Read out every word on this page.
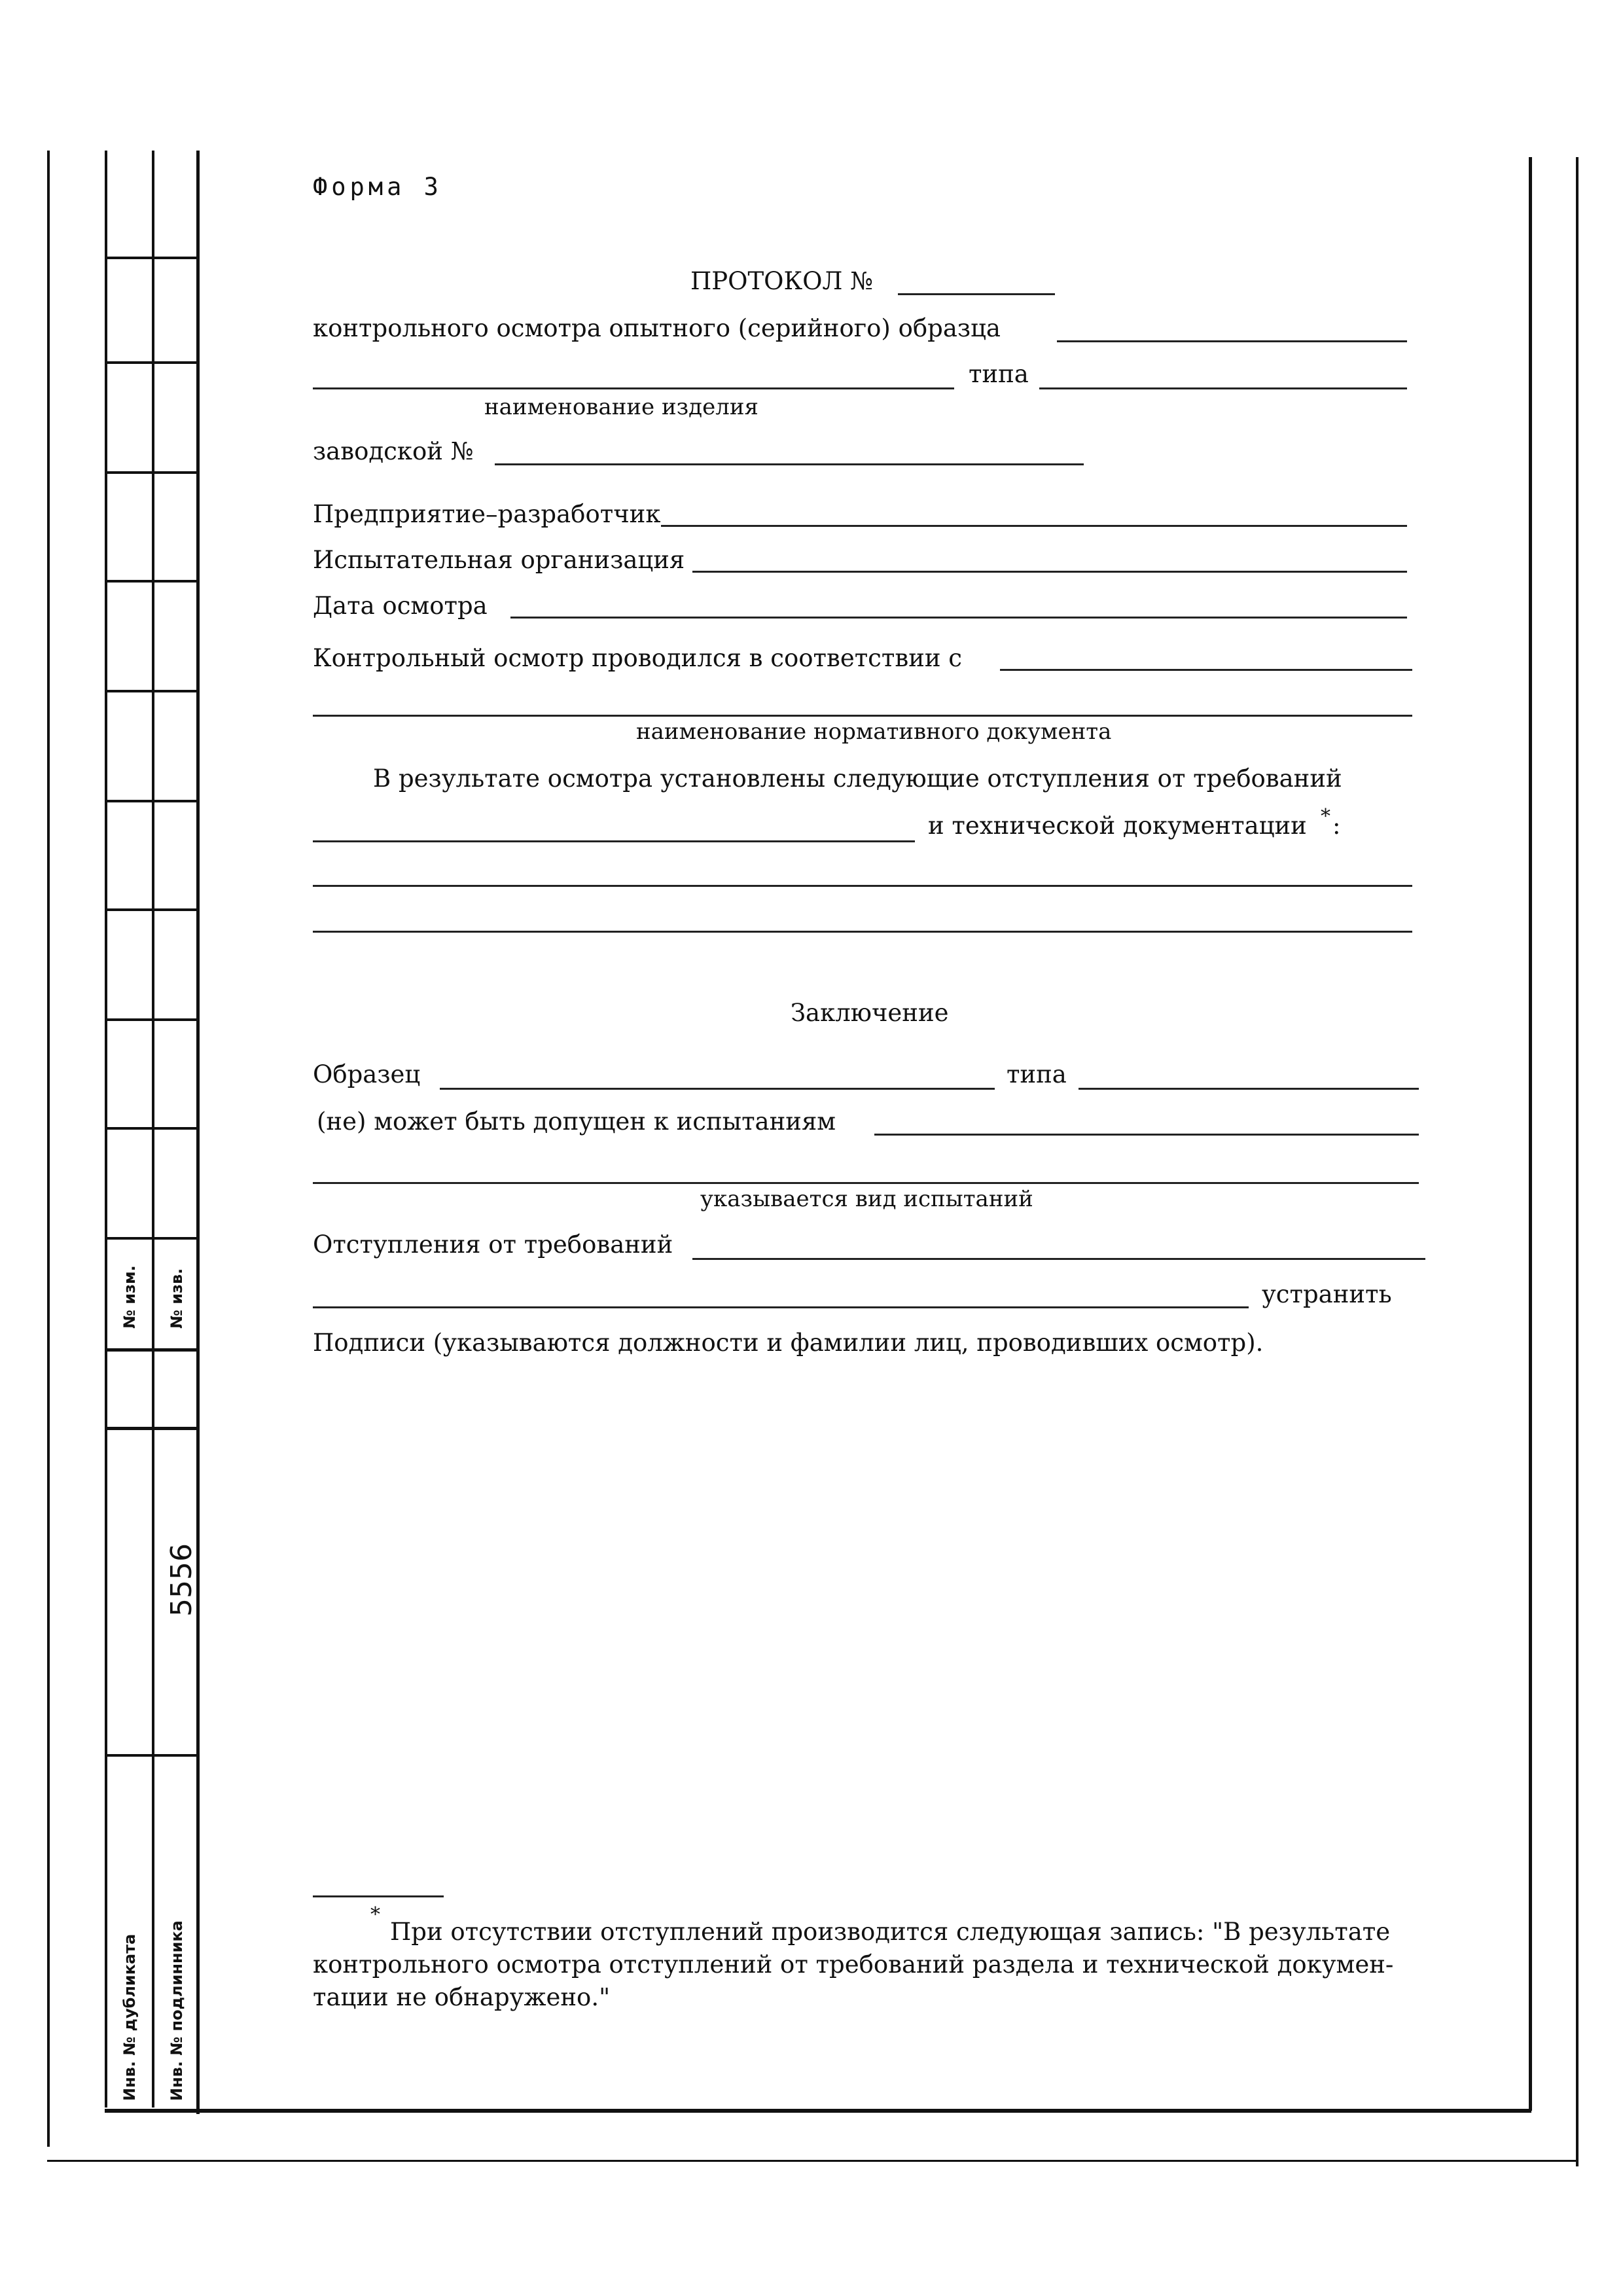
№ изм. № изв.
Инв. № дубликата Инв. № подлинника
5556
Форма 3
ПРОТОКОЛ №
контрольного осмотра опытного (серийного) образца
типа
наименование изделия
заводской №
Предприятие–разработчик
Испытательная организация
Дата осмотра
Контрольный осмотр проводился в соответствии с
наименование нормативного документа
В результате осмотра установлены следующие отступления от требований
и технической документации * :
Заключение
Образец	типа
(не) может быть допущен к испытаниям
указывается вид испытаний
Отступления от требований
устранить
Подписи (указываются должности и фамилии лиц, проводивших осмотр).
*
При отсутствии отступлений производится следующая запись: "В результате
контрольного осмотра отступлений от требований раздела и технической докумен-
тации не обнаружено."
